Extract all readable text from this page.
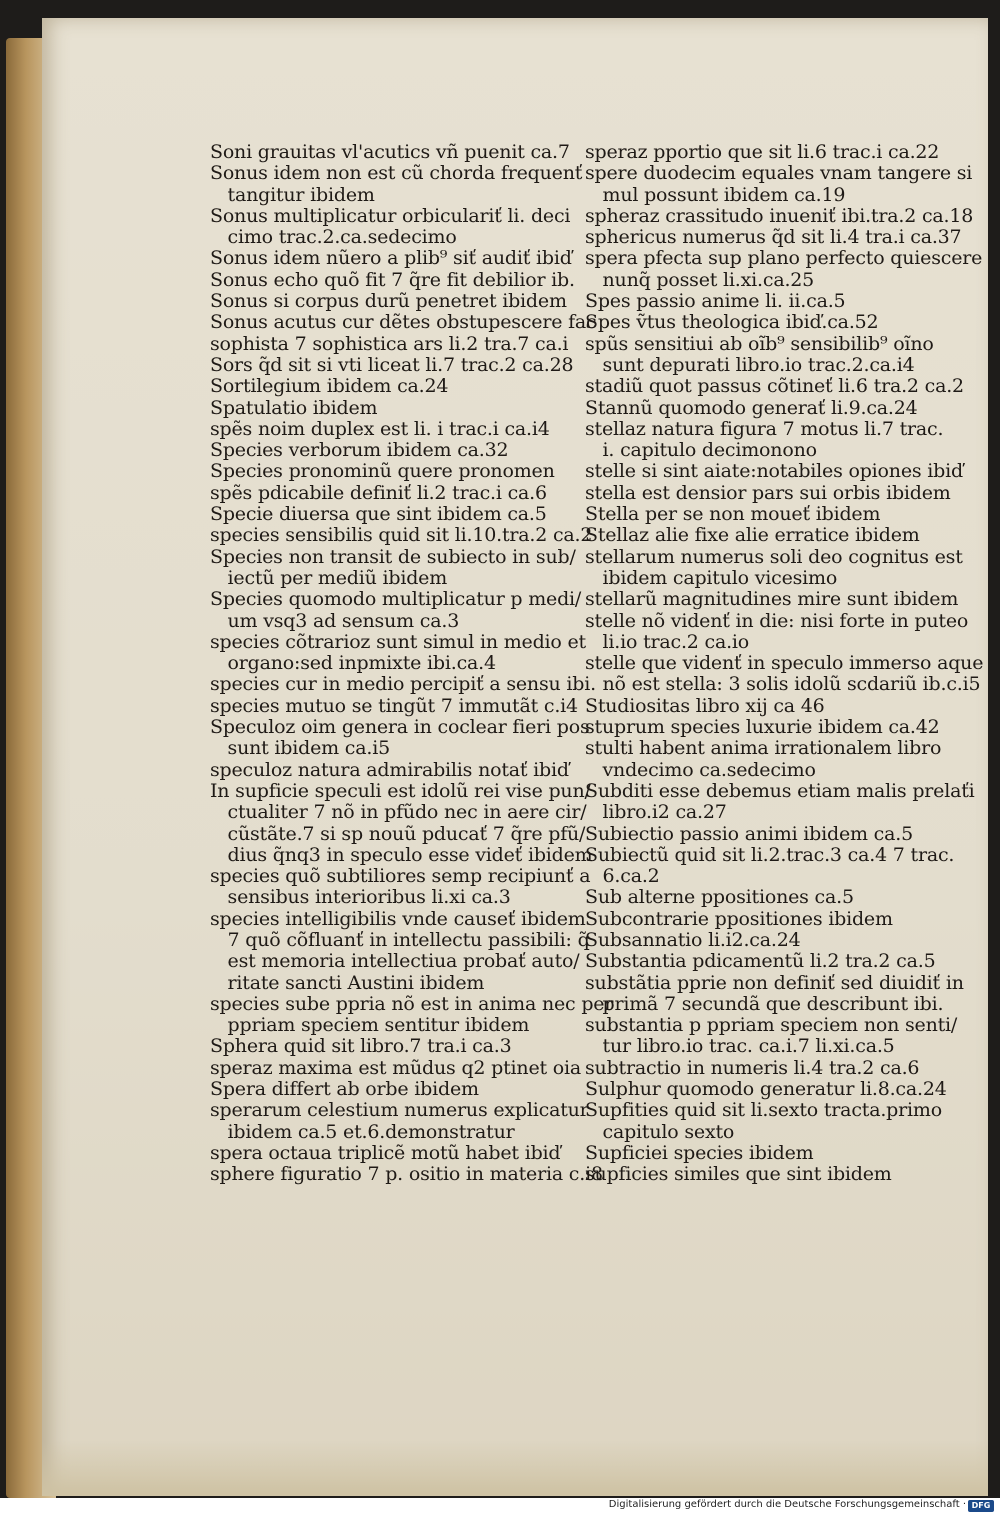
Soni grauitas vl'acutics vñ puenit ca.7

Sonus idem non est cũ chorda frequenť

tangitur ibidem

Sonus multiplicatur orbiculariť li. deci

cimo trac.2.ca.sedecimo

Sonus idem nũero a plib⁹ siť audiť ibiď

Sonus echo quõ fit 7 q̃re fit debilior ib.

Sonus si corpus durũ penetret ibidem

Sonus acutus cur dẽtes obstupescere fac

sophista 7 sophistica ars li.2 tra.7 ca.i

Sors q̃d sit si vti liceat li.7 trac.2 ca.28

Sortilegium ibidem ca.24

Spatulatio ibidem

spẽs noim duplex est li. i trac.i ca.i4

Species verborum ibidem ca.32

Species pronominũ quere pronomen

spẽs pdicabile definiť li.2 trac.i ca.6

Specie diuersa que sint ibidem ca.5

species sensibilis quid sit li.10.tra.2 ca.2

Species non transit de subiecto in sub/

iectũ per mediũ ibidem

Species quomodo multiplicatur p medi/

um vsq3 ad sensum ca.3

species cõtrarioz sunt simul in medio et

organo:sed inpmixte ibi.ca.4

species cur in medio percipiť a sensu ibi.

species mutuo se tingũt 7 immutãt c.i4

Speculoz oim genera in coclear fieri pos

sunt ibidem ca.i5

speculoz natura admirabilis notať ibiď

In supficie speculi est idolũ rei vise pun/

ctualiter 7 nõ in pfũdo nec in aere cir/

cũstãte.7 si sp nouũ pducať 7 q̃re pfũ/

dius q̃nq3 in speculo esse videť ibidem

species quõ subtiliores semp recipiunť a

sensibus interioribus li.xi ca.3

species intelligibilis vnde causeť ibidem

7 quõ cõfluanť in intellectu passibili: q̃

est memoria intellectiua probať auto/

ritate sancti Austini ibidem

species sube ppria nõ est in anima nec per

ppriam speciem sentitur ibidem

Sphera quid sit libro.7 tra.i ca.3

speraz maxima est mũdus q2 ptinet oia

Spera differt ab orbe ibidem

sperarum celestium numerus explicatur

ibidem ca.5 et.6.demonstratur

spera octaua triplicẽ motũ habet ibiď

sphere figuratio 7 p. ositio in materia c.i8

speraz pportio que sit li.6 trac.i ca.22

spere duodecim equales vnam tangere si

mul possunt ibidem ca.19

spheraz crassitudo inueniť ibi.tra.2 ca.18

sphericus numerus q̃d sit li.4 tra.i ca.37

spera pfecta sup plano perfecto quiescere

nunq̃ posset li.xi.ca.25

Spes passio anime li. ii.ca.5

Spes ṽtus theologica ibiď.ca.52

spũs sensitiui ab oĩb⁹ sensibilib⁹ oĩno

sunt depurati libro.io trac.2.ca.i4

stadiũ quot passus cõtineť li.6 tra.2 ca.2

Stannũ quomodo generať li.9.ca.24

stellaz natura figura 7 motus li.7 trac.

i. capitulo decimonono

stelle si sint aiate:notabiles opiones ibiď

stella est densior pars sui orbis ibidem

Stella per se non moueť ibidem

Stellaz alie fixe alie erratice ibidem

stellarum numerus soli deo cognitus est

ibidem capitulo vicesimo

stellarũ magnitudines mire sunt ibidem

stelle nõ videnť in die: nisi forte in puteo

li.io trac.2 ca.io

stelle que videnť in speculo immerso aque

nõ est stella: 3 solis idolũ scdariũ ib.c.i5

Studiositas libro xij ca 46

stuprum species luxurie ibidem ca.42

stulti habent anima irrationalem libro

vndecimo ca.sedecimo

Subditi esse debemus etiam malis prelaťi

libro.i2 ca.27

Subiectio passio animi ibidem ca.5

Subiectũ quid sit li.2.trac.3 ca.4 7 trac.

6.ca.2

Sub alterne ppositiones ca.5

Subcontrarie ppositiones ibidem

Subsannatio li.i2.ca.24

Substantia pdicamentũ li.2 tra.2 ca.5

substãtia pprie non definiť sed diuidiť in

primã 7 secundã que describunt ibi.

substantia p ppriam speciem non senti/

tur libro.io trac. ca.i.7 li.xi.ca.5

subtractio in numeris li.4 tra.2 ca.6

Sulphur quomodo generatur li.8.ca.24

Supfities quid sit li.sexto tracta.primo

capitulo sexto

Supficiei species ibidem

supficies similes que sint ibidem

Digitalisierung gefördert durch die Deutsche Forschungsgemeinschaft · DFG
